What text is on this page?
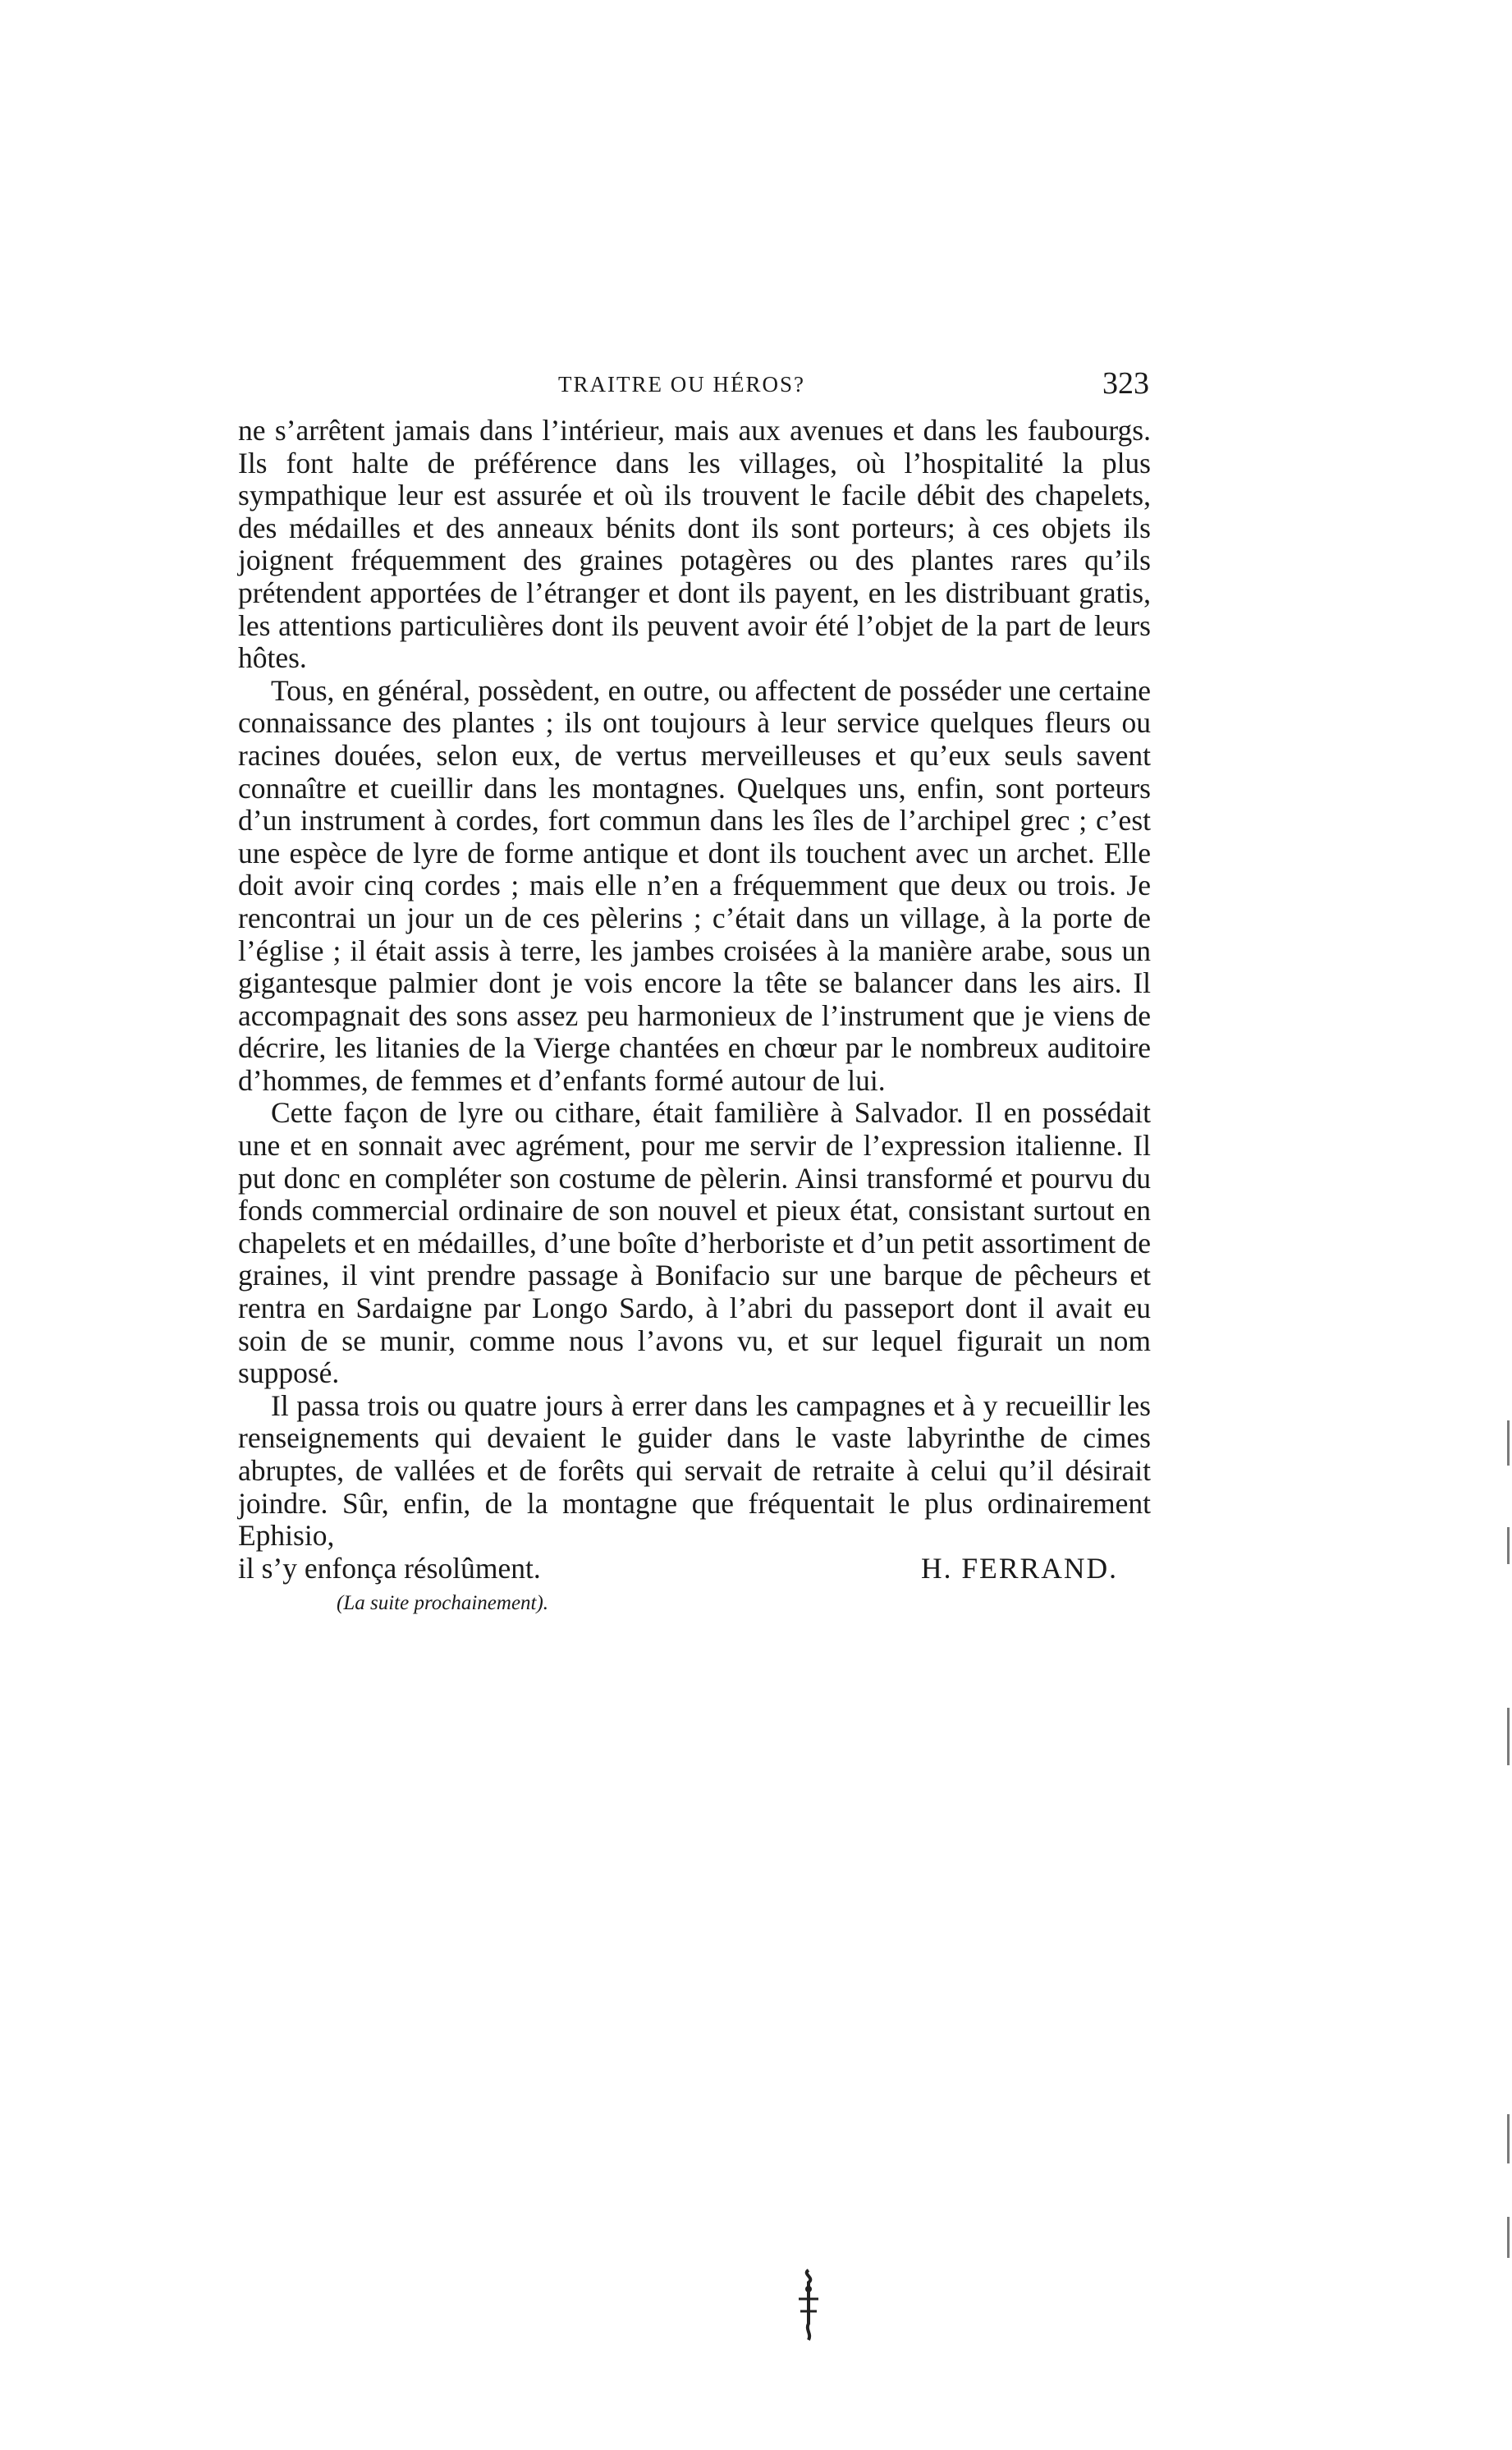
TRAITRE OU HÉROS?	323

ne s’arrêtent jamais dans l’intérieur, mais aux avenues et dans les faubourgs. Ils font halte de préférence dans les villages, où l’hospitalité la plus sympathique leur est assurée et où ils trouvent le facile débit des chapelets, des médailles et des anneaux bénits dont ils sont porteurs; à ces objets ils joignent fréquemment des graines potagères ou des plantes rares qu’ils prétendent apportées de l’étranger et dont ils payent, en les distribuant gratis, les attentions particulières dont ils peuvent avoir été l’objet de la part de leurs hôtes.

Tous, en général, possèdent, en outre, ou affectent de posséder une certaine connaissance des plantes ; ils ont toujours à leur service quelques fleurs ou racines douées, selon eux, de vertus merveilleuses et qu’eux seuls savent connaître et cueillir dans les montagnes. Quelques uns, enfin, sont porteurs d’un instrument à cordes, fort commun dans les îles de l’archipel grec ; c’est une espèce de lyre de forme antique et dont ils touchent avec un archet. Elle doit avoir cinq cordes ; mais elle n’en a fréquemment que deux ou trois. Je rencontrai un jour un de ces pèlerins ; c’était dans un village, à la porte de l’église ; il était assis à terre, les jambes croisées à la manière arabe, sous un gigantesque palmier dont je vois encore la tête se balancer dans les airs. Il accompagnait des sons assez peu harmonieux de l’instrument que je viens de décrire, les litanies de la Vierge chantées en chœur par le nombreux auditoire d’hommes, de femmes et d’enfants formé autour de lui.

Cette façon de lyre ou cithare, était familière à Salvador. Il en possédait une et en sonnait avec agrément, pour me servir de l’expression italienne. Il put donc en compléter son costume de pèlerin. Ainsi transformé et pourvu du fonds commercial ordinaire de son nouvel et pieux état, consistant surtout en chapelets et en médailles, d’une boîte d’herboriste et d’un petit assortiment de graines, il vint prendre passage à Bonifacio sur une barque de pêcheurs et rentra en Sardaigne par Longo Sardo, à l’abri du passeport dont il avait eu soin de se munir, comme nous l’avons vu, et sur lequel figurait un nom supposé.

Il passa trois ou quatre jours à errer dans les campagnes et à y recueillir les renseignements qui devaient le guider dans le vaste labyrinthe de cimes abruptes, de vallées et de forêts qui servait de retraite à celui qu’il désirait joindre. Sûr, enfin, de la montagne que fréquentait le plus ordinairement Ephisio,

il s’y enfonça résolûment.	H. FERRAND.
(La suite prochainement).
